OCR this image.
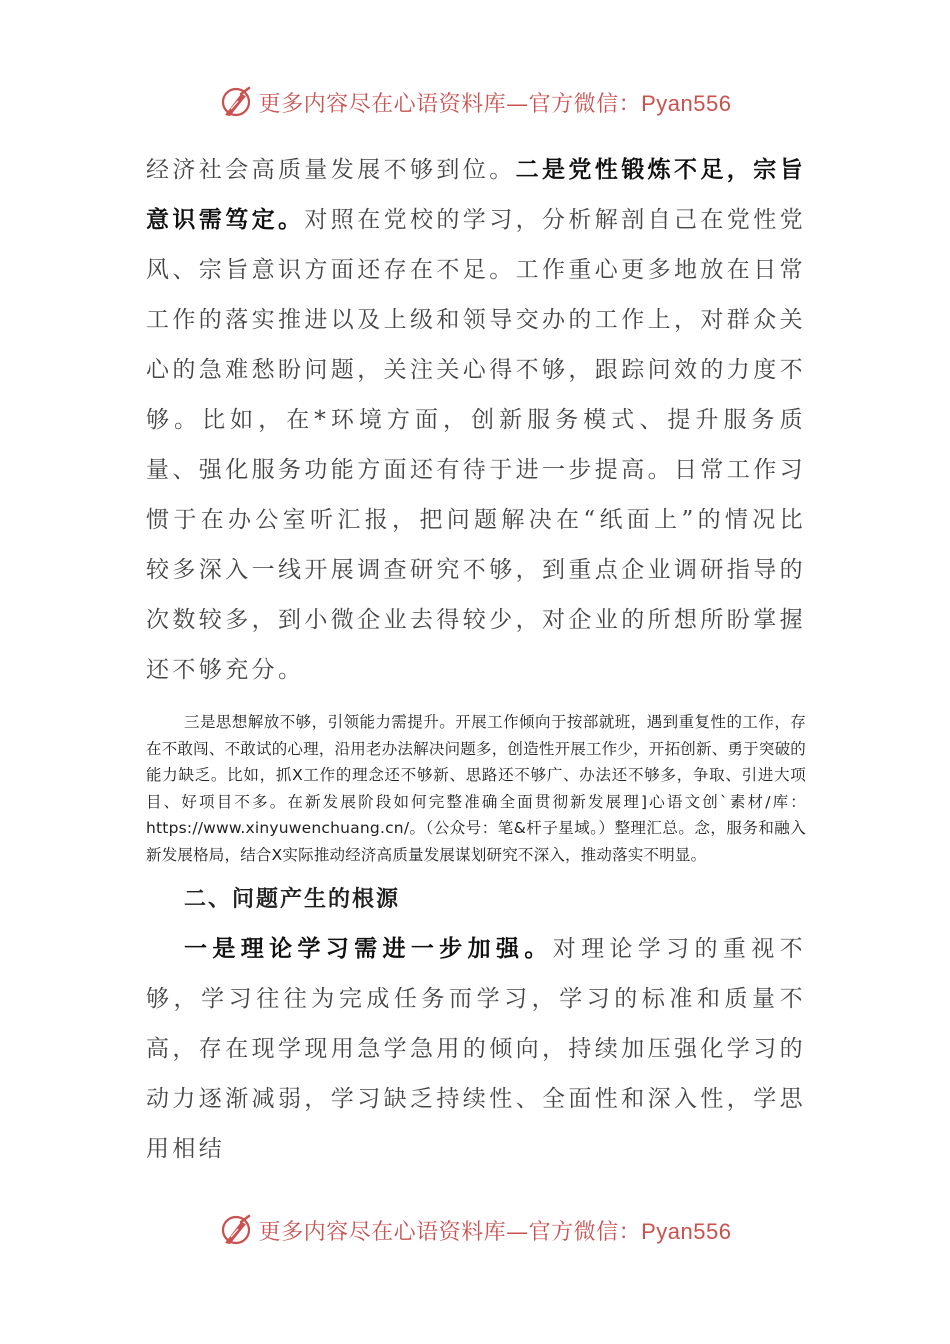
更多内容尽在心语资料库—官方微信：Pyan556

经济社会高质量发展不够到位。二是党性锻炼不足，宗旨意识需笃定。对照在党校的学习，分析解剖自己在党性党风、宗旨意识方面还存在不足。工作重心更多地放在日常工作的落实推进以及上级和领导交办的工作上，对群众关心的急难愁盼问题，关注关心得不够，跟踪问效的力度不够。比如，在*环境方面，创新服务模式、提升服务质量、强化服务功能方面还有待于进一步提高。日常工作习惯于在办公室听汇报，把问题解决在“纸面上”的情况比较多深入一线开展调查研究不够，到重点企业调研指导的次数较多，到小微企业去得较少，对企业的所想所盼掌握还不够充分。

三是思想解放不够，引领能力需提升。开展工作倾向于按部就班，遇到重复性的工作，存在不敢闯、不敢试的心理，沿用老办法解决问题多，创造性开展工作少，开拓创新、勇于突破的能力缺乏。比如，抓X工作的理念还不够新、思路还不够广、办法还不够多，争取、引进大项目、好项目不多。在新发展阶段如何完整准确全面贯彻新发展理]心语文创`素材/库：https://www.xinyuwenchuang.cn/。（公众号：笔&杆子星域。）整理汇总。念，服务和融入新发展格局，结合X实际推动经济高质量发展谋划研究不深入，推动落实不明显。

二、问题产生的根源

一是理论学习需进一步加强。对理论学习的重视不够，学习往往为完成任务而学习，学习的标准和质量不高，存在现学现用急学急用的倾向，持续加压强化学习的动力逐渐减弱，学习缺乏持续性、全面性和深入性，学思用相结

更多内容尽在心语资料库—官方微信：Pyan556
